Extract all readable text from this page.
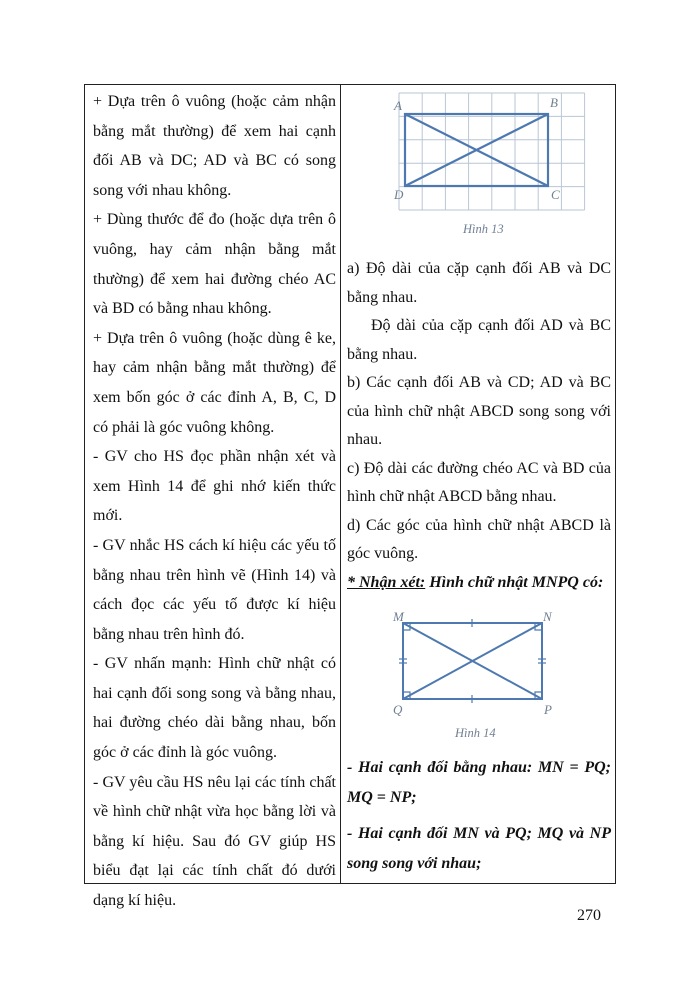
+ Dựa trên ô vuông (hoặc cảm nhận bằng mắt thường) để xem hai cạnh đối AB và DC; AD và BC có song song với nhau không.

+ Dùng thước để đo (hoặc dựa trên ô vuông, hay cảm nhận bằng mắt thường) để xem hai đường chéo AC và BD có bằng nhau không.

+ Dựa trên ô vuông (hoặc dùng ê ke, hay cảm nhận bằng mắt thường) để xem bốn góc ở các đỉnh A, B, C, D có phải là góc vuông không.

- GV cho HS đọc phần nhận xét và xem Hình 14 để ghi nhớ kiến thức mới.

- GV nhắc HS cách kí hiệu các yếu tố bằng nhau trên hình vẽ (Hình 14) và cách đọc các yếu tố được kí hiệu bằng nhau trên hình đó.

- GV nhấn mạnh: Hình chữ nhật có hai cạnh đối song song và bằng nhau, hai đường chéo dài bằng nhau, bốn góc ở các đỉnh là góc vuông.

- GV yêu cầu HS nêu lại các tính chất về hình chữ nhật vừa học bằng lời và bằng kí hiệu. Sau đó GV giúp HS biểu đạt lại các tính chất đó dưới dạng kí hiệu.

A	B
C
D
Hình 13

a) Độ dài của cặp cạnh đối AB và DC bằng nhau.

Độ dài của cặp cạnh đối AD và BC bằng nhau.

b) Các cạnh đối AB và CD; AD và BC của hình chữ nhật ABCD song song với nhau.

c) Độ dài các đường chéo AC và BD của hình chữ nhật ABCD bằng nhau.

d) Các góc của hình chữ nhật ABCD là góc vuông.

* Nhận xét: Hình chữ nhật MNPQ có:

M	N
P
Q
Hình 14

- Hai cạnh đối bằng nhau: MN = PQ; MQ = NP;

- Hai cạnh đối MN và PQ; MQ và NP song song với nhau;

270
